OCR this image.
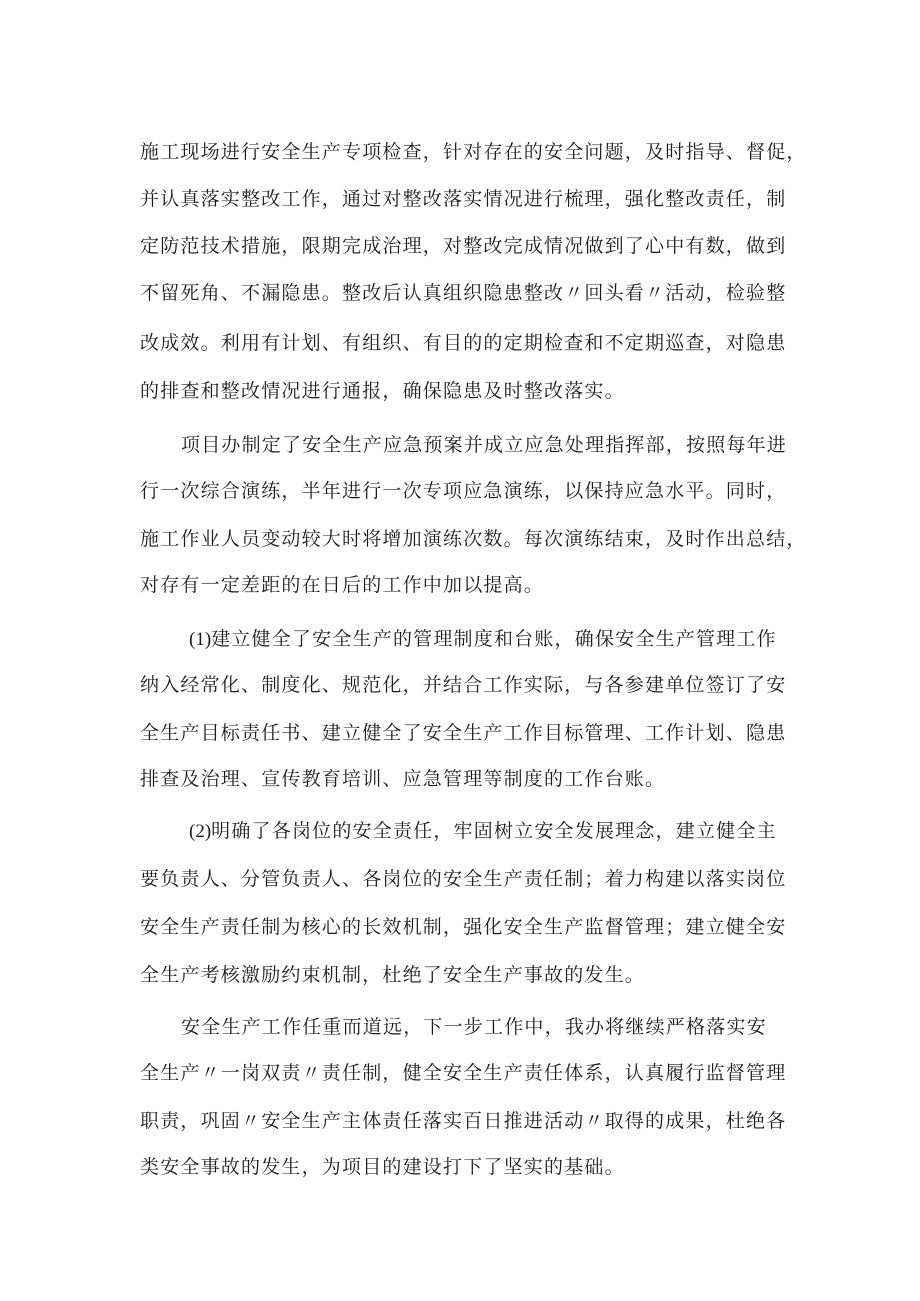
施工现场进行安全生产专项检查，针对存在的安全问题，及时指导、督促，

并认真落实整改工作，通过对整改落实情况进行梳理，强化整改责任，制

定防范技术措施，限期完成治理，对整改完成情况做到了心中有数，做到

不留死角、不漏隐患。整改后认真组织隐患整改〃回头看〃活动，检验整

改成效。利用有计划、有组织、有目的的定期检查和不定期巡查，对隐患

的排查和整改情况进行通报，确保隐患及时整改落实。

项目办制定了安全生产应急预案并成立应急处理指挥部，按照每年进

行一次综合演练，半年进行一次专项应急演练，以保持应急水平。同时，

施工作业人员变动较大时将增加演练次数。每次演练结束，及时作出总结，

对存有一定差距的在日后的工作中加以提高。

(1)建立健全了安全生产的管理制度和台账，确保安全生产管理工作

纳入经常化、制度化、规范化，并结合工作实际，与各参建单位签订了安

全生产目标责任书、建立健全了安全生产工作目标管理、工作计划、隐患

排查及治理、宣传教育培训、应急管理等制度的工作台账。

(2)明确了各岗位的安全责任，牢固树立安全发展理念，建立健全主

要负责人、分管负责人、各岗位的安全生产责任制；着力构建以落实岗位

安全生产责任制为核心的长效机制，强化安全生产监督管理；建立健全安

全生产考核激励约束机制，杜绝了安全生产事故的发生。

安全生产工作任重而道远，下一步工作中，我办将继续严格落实安

全生产〃一岗双责〃责任制，健全安全生产责任体系，认真履行监督管理

职责，巩固〃安全生产主体责任落实百日推进活动〃取得的成果，杜绝各

类安全事故的发生，为项目的建设打下了坚实的基础。
